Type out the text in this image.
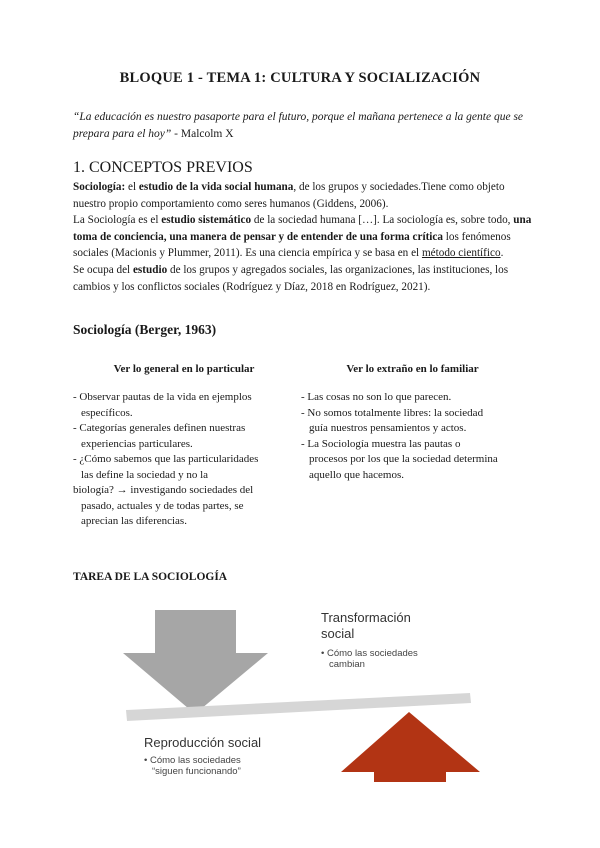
BLOQUE 1 - TEMA 1: CULTURA Y SOCIALIZACIÓN
“La educación es nuestro pasaporte para el futuro, porque el mañana pertenece a la gente que se prepara para el hoy” - Malcolm X
1. CONCEPTOS PREVIOS

Sociología: el estudio de la vida social humana, de los grupos y sociedades.Tiene como objeto nuestro propio comportamiento como seres humanos (Giddens, 2006).

La Sociología es el estudio sistemático de la sociedad humana […]. La sociología es, sobre todo, una toma de conciencia, una manera de pensar y de entender de una forma crítica los fenómenos sociales (Macionis y Plummer, 2011). Es una ciencia empírica y se basa en el método científico.

Se ocupa del estudio de los grupos y agregados sociales, las organizaciones, las instituciones, los cambios y los conflictos sociales (Rodríguez y Díaz, 2018 en Rodríguez, 2021).

Sociología (Berger, 1963)
Ver lo general en lo particular	Ver lo extraño en lo familiar
- Observar pautas de la vida en ejemplos
específicos.
- Categorías generales definen nuestras
experiencias particulares.
- ¿Cómo sabemos que las particularidades
las define la sociedad y no la
biología? → investigando sociedades del
pasado, actuales y de todas partes, se
aprecian las diferencias.
- Las cosas no son lo que parecen.
- No somos totalmente libres: la sociedad
guía nuestros pensamientos y actos.
- La Sociología muestra las pautas o
procesos por los que la sociedad determina
aquello que hacemos.
TAREA DE LA SOCIOLOGÍA
Transformación
social
• Cómo las sociedades
cambian
Reproducción social
• Cómo las sociedades
“siguen funcionando”
